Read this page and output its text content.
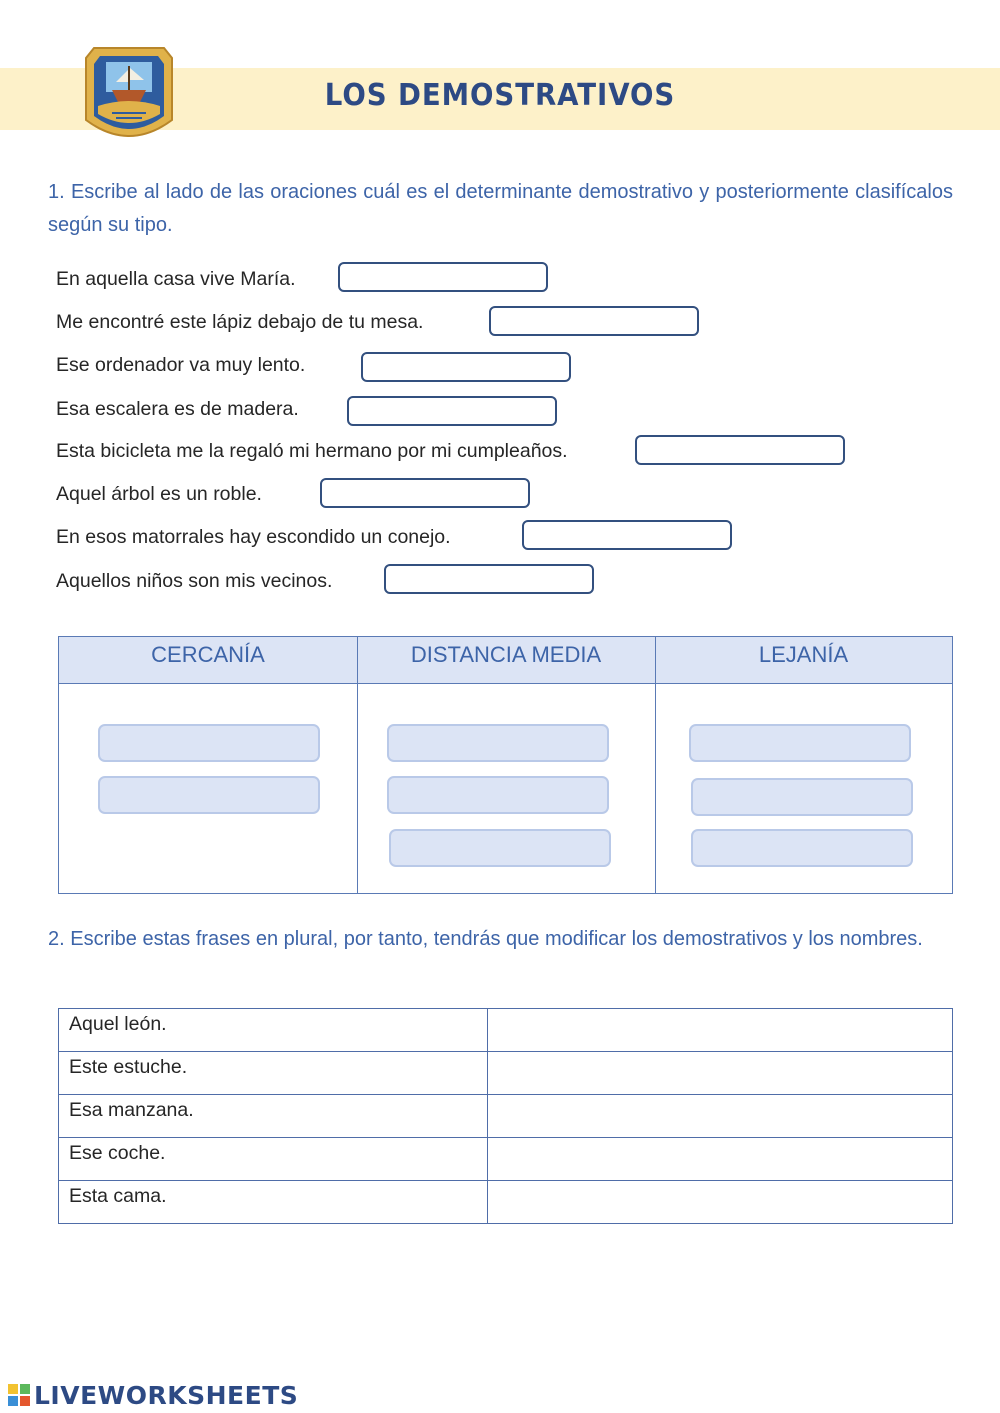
LOS DEMOSTRATIVOS
1. Escribe al lado de las oraciones cuál es el determinante demostrativo y posteriormente clasifícalos según su tipo.
En aquella casa vive María.
Me encontré este lápiz debajo de tu mesa.
Ese ordenador va muy lento.
Esa escalera es de madera.
Esta bicicleta me la regaló mi hermano por mi cumpleaños.
Aquel árbol es un roble.
En esos matorrales hay escondido un conejo.
Aquellos niños son mis vecinos.
CERCANÍA	DISTANCIA MEDIA	LEJANÍA
2. Escribe estas frases en plural, por tanto, tendrás que modificar los demostrativos y los nombres.
Aquel león.	
Este estuche.	
Esa manzana.	
Ese coche.	
Esta cama.	
LIVEWORKSHEETS
